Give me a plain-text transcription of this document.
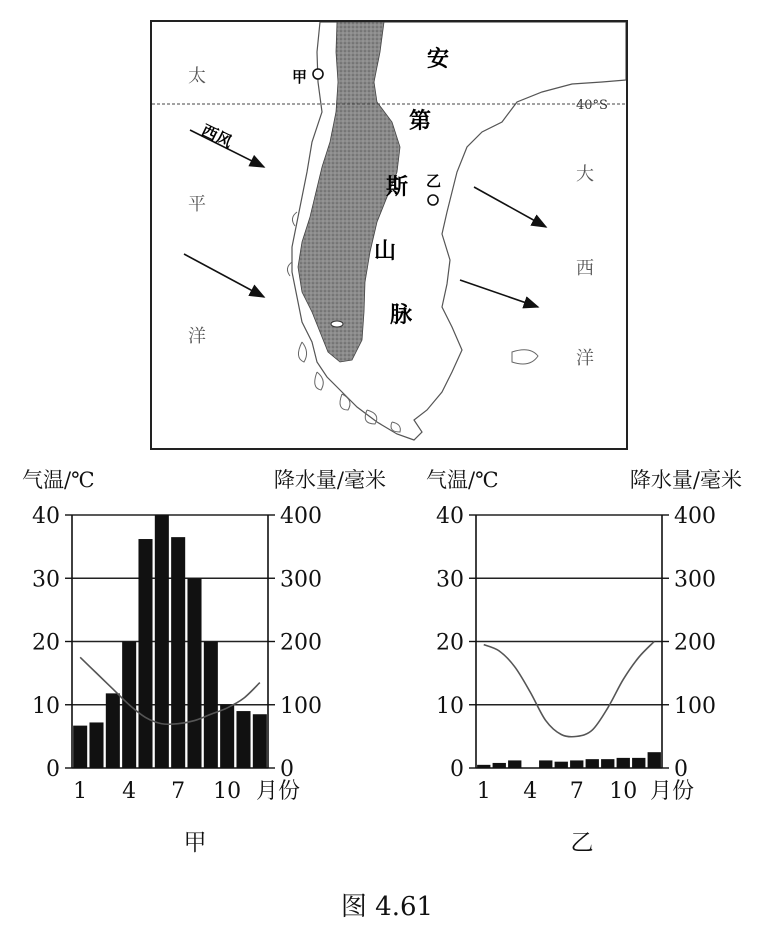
太
平
洋
大
西
洋
安
第
斯
山
脉
甲
乙
40°S
西风
气温/℃	降水量/毫米
0
10
20
30
40
0
100
200
300
400
1 4 7 10 月份
甲
气温/℃	降水量/毫米
0
10
20
30
40
0
100
200
300
400
1 4 7 10 月份
乙
图 4.61
